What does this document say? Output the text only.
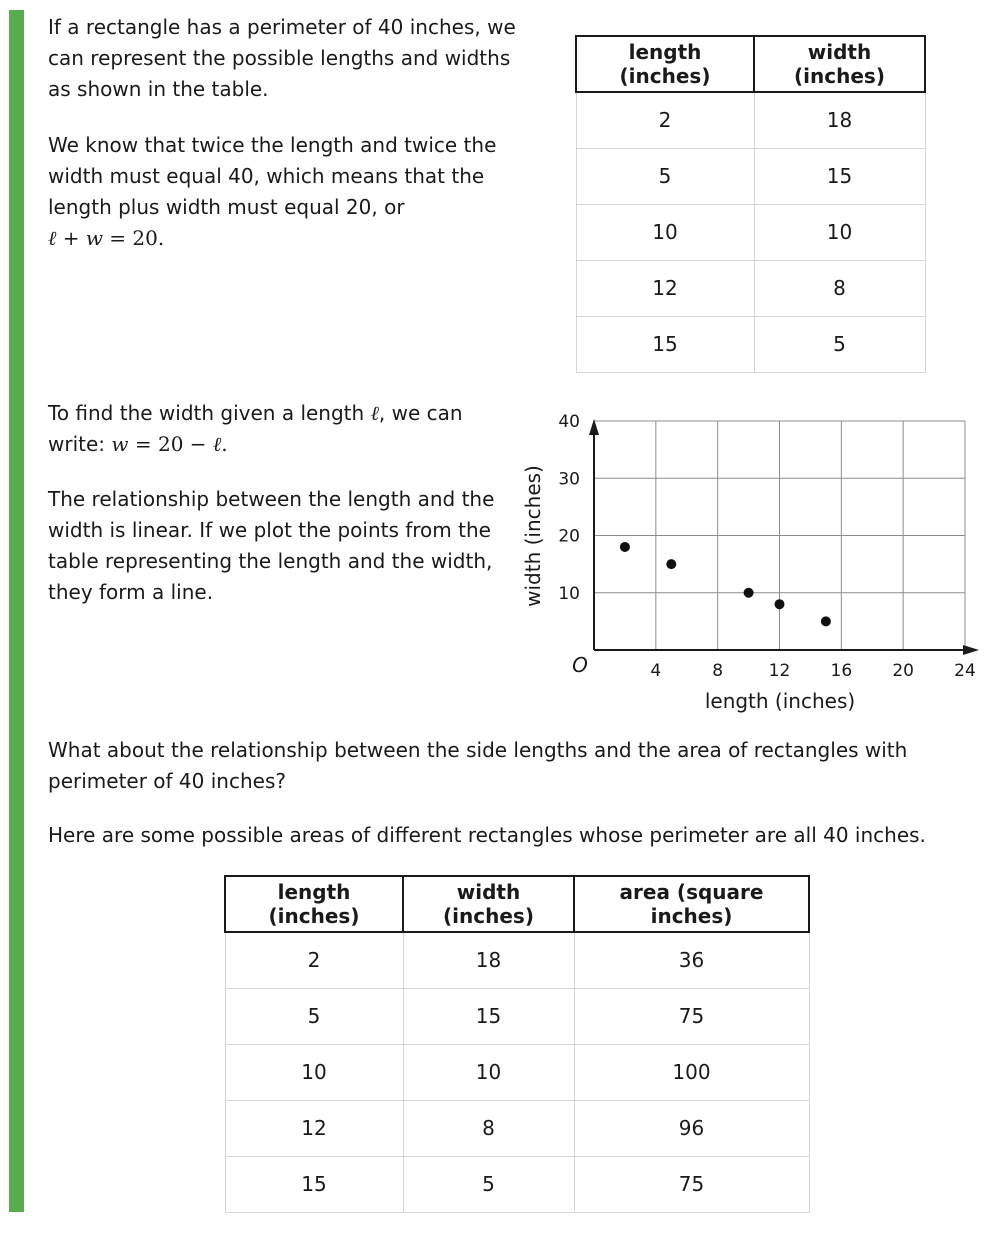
If a rectangle has a perimeter of 40 inches, we can represent the possible lengths and widths as shown in the table.

We know that twice the length and twice the width must equal 40, which means that the length plus width must equal 20, or
ℓ + w = 20.

length (inches)	width (inches)
2	18
5	15
10	10
12	8
15	5

To find the width given a length ℓ, we can write: w = 20 − ℓ.

The relationship between the length and the width is linear. If we plot the points from the table representing the length and the width, they form a line.

4	8	12 16 20 24
10
20
30
40
length (inches)
width (inches)
O

What about the relationship between the side lengths and the area of rectangles with perimeter of 40 inches?

Here are some possible areas of different rectangles whose perimeter are all 40 inches.

length (inches)	width (inches)	area (square inches)
2	18	36
5	15	75
10	10	100
12	8	96
15	5	75
